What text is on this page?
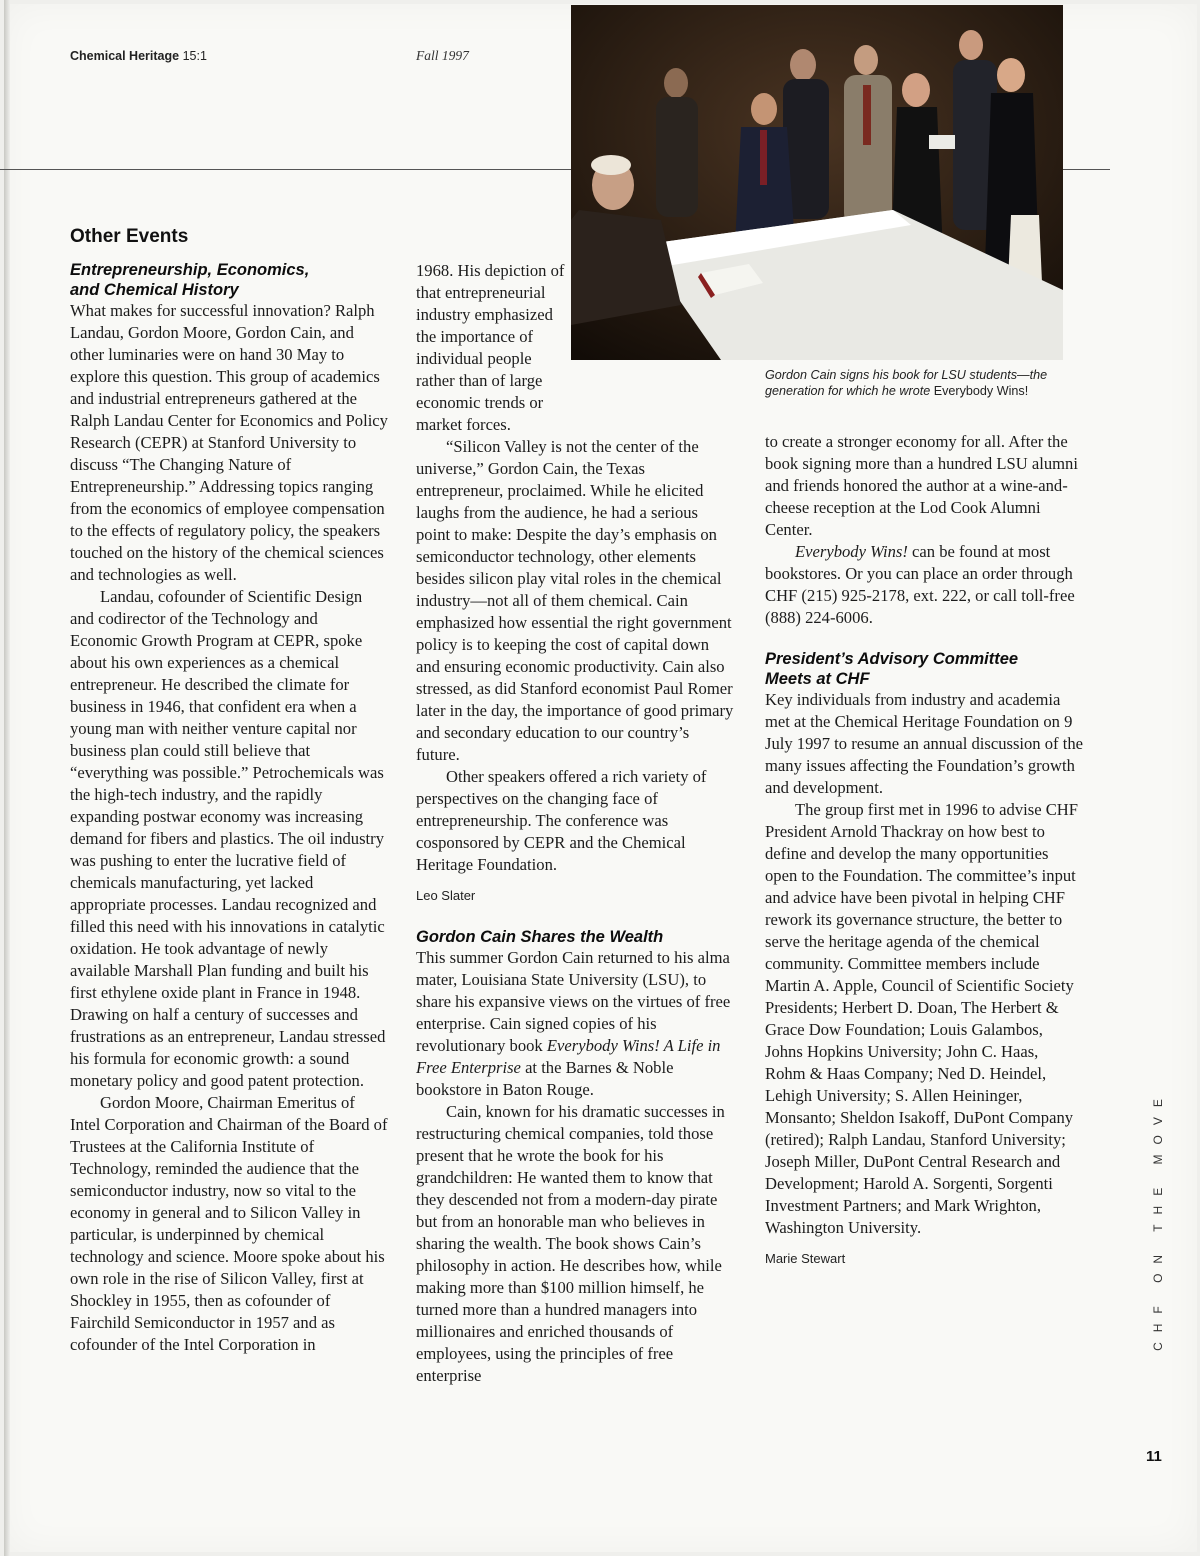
Chemical Heritage 15:1	Fall 1997
Gordon Cain signs his book for LSU students—the generation for which he wrote Everybody Wins!
Other Events
Entrepreneurship, Economics,
and Chemical History

What makes for successful innovation? Ralph Landau, Gordon Moore, Gordon Cain, and other luminaries were on hand 30 May to explore this question. This group of academics and industrial entrepreneurs gathered at the Ralph Landau Center for Economics and Policy Research (CEPR) at Stanford University to discuss “The Changing Nature of Entrepreneurship.” Addressing topics ranging from the economics of employee compensation to the effects of regulatory policy, the speakers touched on the history of the chemical sciences and technologies as well.

Landau, cofounder of Scientific Design and codirector of the Technology and Economic Growth Program at CEPR, spoke about his own experiences as a chemical entrepreneur. He described the climate for business in 1946, that confident era when a young man with neither venture capital nor business plan could still believe that “everything was possible.” Petrochemicals was the high-tech industry, and the rapidly expanding postwar economy was increasing demand for fibers and plastics. The oil industry was pushing to enter the lucrative field of chemicals manufacturing, yet lacked appropriate processes. Landau recognized and filled this need with his innovations in catalytic oxidation. He took advantage of newly available Marshall Plan funding and built his first ethylene oxide plant in France in 1948. Drawing on half a century of successes and frustrations as an entrepreneur, Landau stressed his formula for economic growth: a sound monetary policy and good patent protection.

Gordon Moore, Chairman Emeritus of Intel Corporation and Chairman of the Board of Trustees at the California Institute of Technology, reminded the audience that the semiconductor industry, now so vital to the economy in general and to Silicon Valley in particular, is underpinned by chemical technology and science. Moore spoke about his own role in the rise of Silicon Valley, first at Shockley in 1955, then as cofounder of Fairchild Semiconductor in 1957 and as cofounder of the Intel Corporation in

1968. His depiction of that entrepreneurial industry emphasized the importance of individual people rather than of large economic trends or market forces.

“Silicon Valley is not the center of the universe,” Gordon Cain, the Texas entrepreneur, proclaimed. While he elicited laughs from the audience, he had a serious point to make: Despite the day’s emphasis on semiconductor technology, other elements besides silicon play vital roles in the chemical industry—not all of them chemical. Cain emphasized how essential the right government policy is to keeping the cost of capital down and ensuring economic productivity. Cain also stressed, as did Stanford economist Paul Romer later in the day, the importance of good primary and secondary education to our country’s future.

Other speakers offered a rich variety of perspectives on the changing face of entrepreneurship. The conference was cosponsored by CEPR and the Chemical Heritage Foundation.

Leo Slater

Gordon Cain Shares the Wealth

This summer Gordon Cain returned to his alma mater, Louisiana State University (LSU), to share his expansive views on the virtues of free enterprise. Cain signed copies of his revolutionary book Everybody Wins! A Life in Free Enterprise at the Barnes & Noble bookstore in Baton Rouge.

Cain, known for his dramatic successes in restructuring chemical companies, told those present that he wrote the book for his grandchildren: He wanted them to know that they descended not from a modern-day pirate but from an honorable man who believes in sharing the wealth. The book shows Cain’s philosophy in action. He describes how, while making more than $100 million himself, he turned more than a hundred managers into millionaires and enriched thousands of employees, using the principles of free enterprise

to create a stronger economy for all. After the book signing more than a hundred LSU alumni and friends honored the author at a wine-and-cheese reception at the Lod Cook Alumni Center.

Everybody Wins! can be found at most bookstores. Or you can place an order through CHF (215) 925-2178, ext. 222, or call toll-free (888) 224-6006.

President’s Advisory Committee
Meets at CHF

Key individuals from industry and academia met at the Chemical Heritage Foundation on 9 July 1997 to resume an annual discussion of the many issues affecting the Foundation’s growth and development.

The group first met in 1996 to advise CHF President Arnold Thackray on how best to define and develop the many opportunities open to the Foundation. The committee’s input and advice have been pivotal in helping CHF rework its governance structure, the better to serve the heritage agenda of the chemical community. Committee members include Martin A. Apple, Council of Scientific Society Presidents; Herbert D. Doan, The Herbert & Grace Dow Foundation; Louis Galambos, Johns Hopkins University; John C. Haas, Rohm & Haas Company; Ned D. Heindel, Lehigh University; S. Allen Heininger, Monsanto; Sheldon Isakoff, DuPont Company (retired); Ralph Landau, Stanford University; Joseph Miller, DuPont Central Research and Development; Harold A. Sorgenti, Sorgenti Investment Partners; and Mark Wrighton, Washington University.

Marie Stewart	CHF ON THE MOVE
11
